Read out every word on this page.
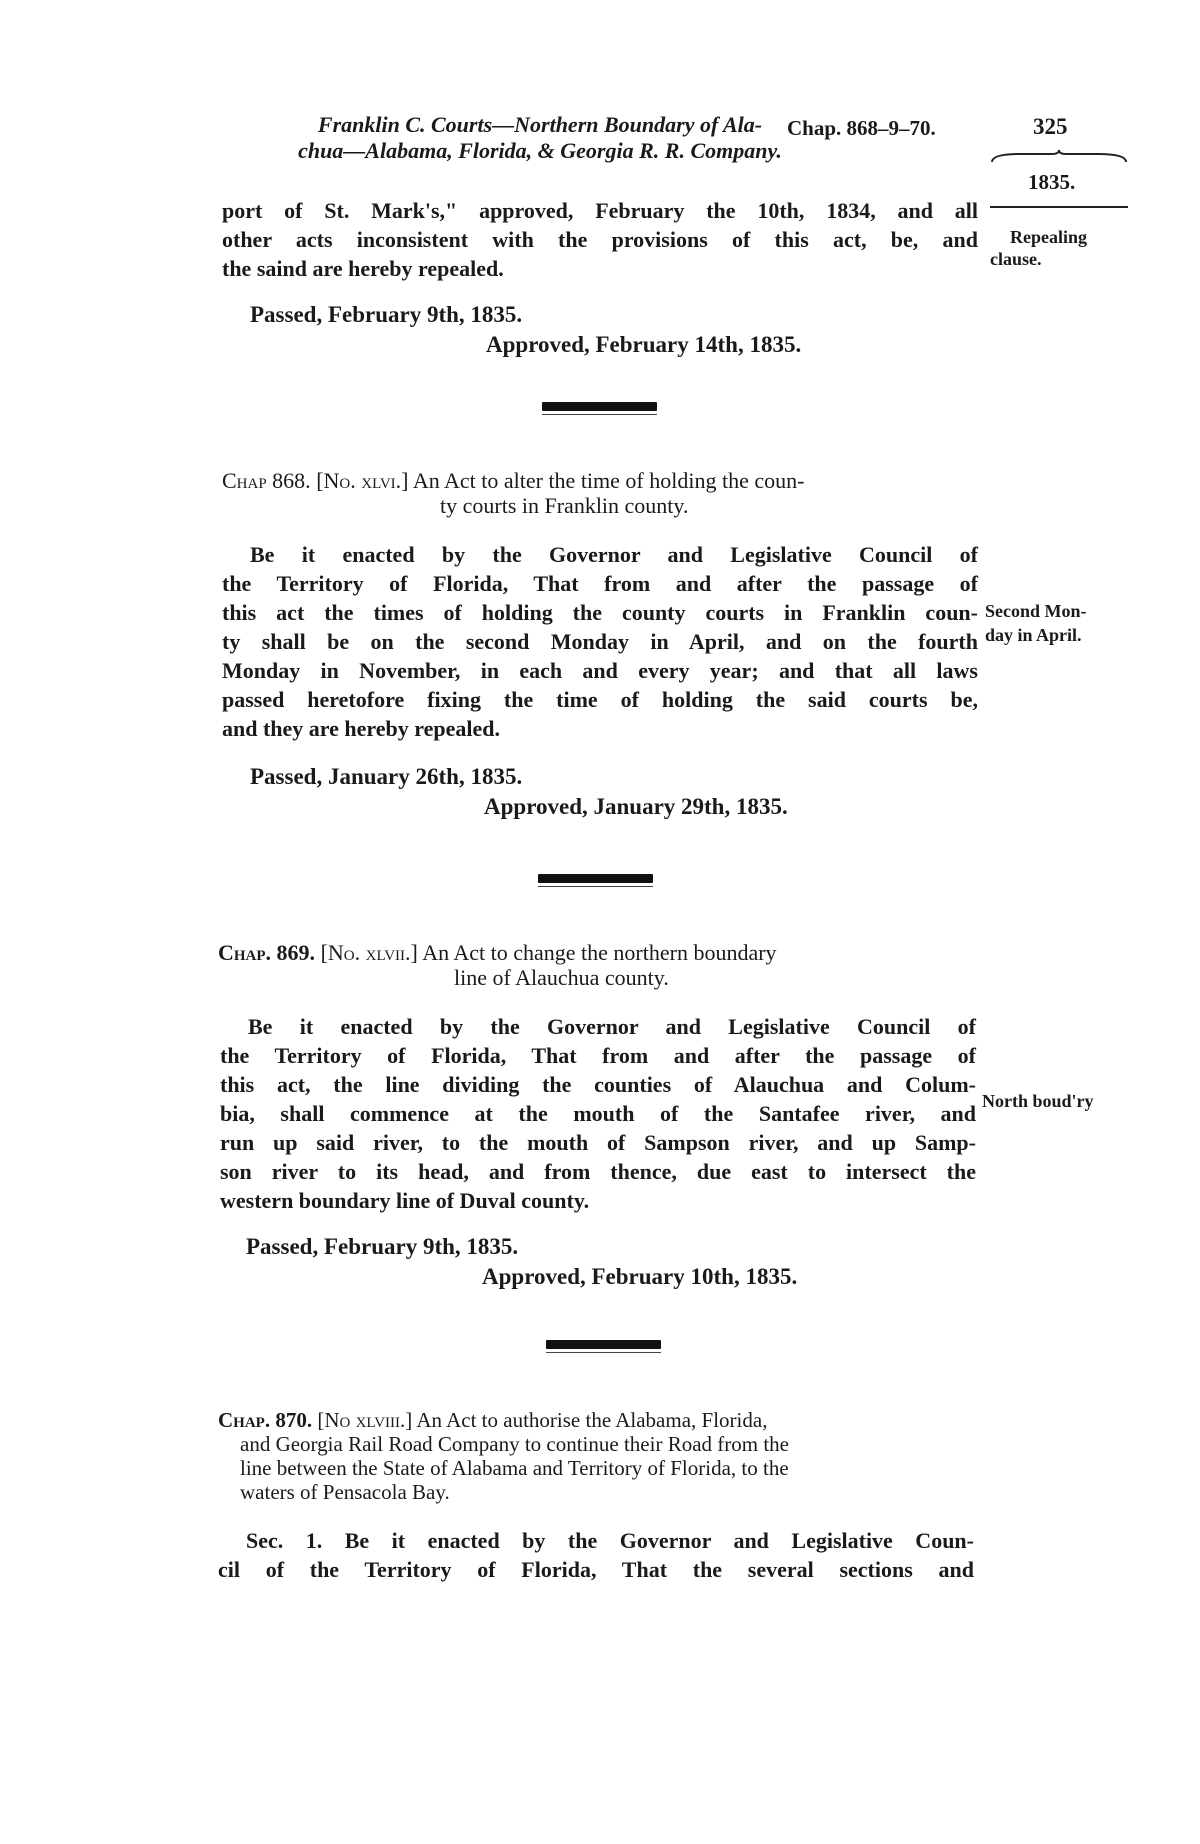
Franklin C. Courts—Northern Boundary of Ala-
chua—Alabama, Florida, & Georgia R. R. Company.
Chap. 868–9–70.	325
1835.
port of St. Mark's," approved, February the 10th, 1834, and all
other acts inconsistent with the provisions of this act, be, and
the saind are hereby repealed.
Repealing
clause.
Passed, February 9th, 1835.
Approved, February 14th, 1835.
Chap 868. [No. xlvi.] An Act to alter the time of holding the coun-
ty courts in Franklin county.
Be it enacted by the Governor and Legislative Council of
the Territory of Florida, That from and after the passage of
this act the times of holding the county courts in Franklin coun-
ty shall be on the second Monday in April, and on the fourth
Monday in November, in each and every year; and that all laws
passed heretofore fixing the time of holding the said courts be,
and they are hereby repealed.
Second Mon-
day in April.
Passed, January 26th, 1835.
Approved, January 29th, 1835.
Chap. 869. [No. xlvii.] An Act to change the northern boundary
line of Alauchua county.
Be it enacted by the Governor and Legislative Council of
the Territory of Florida, That from and after the passage of
this act, the line dividing the counties of Alauchua and Colum-
bia, shall commence at the mouth of the Santafee river, and
run up said river, to the mouth of Sampson river, and up Samp-
son river to its head, and from thence, due east to intersect the
western boundary line of Duval county.
North boud'ry
Passed, February 9th, 1835.
Approved, February 10th, 1835.
Chap. 870. [No xlviii.] An Act to authorise the Alabama, Florida,
and Georgia Rail Road Company to continue their Road from the
line between the State of Alabama and Territory of Florida, to the
waters of Pensacola Bay.
Sec. 1. Be it enacted by the Governor and Legislative Coun-
cil of the Territory of Florida, That the several sections and
